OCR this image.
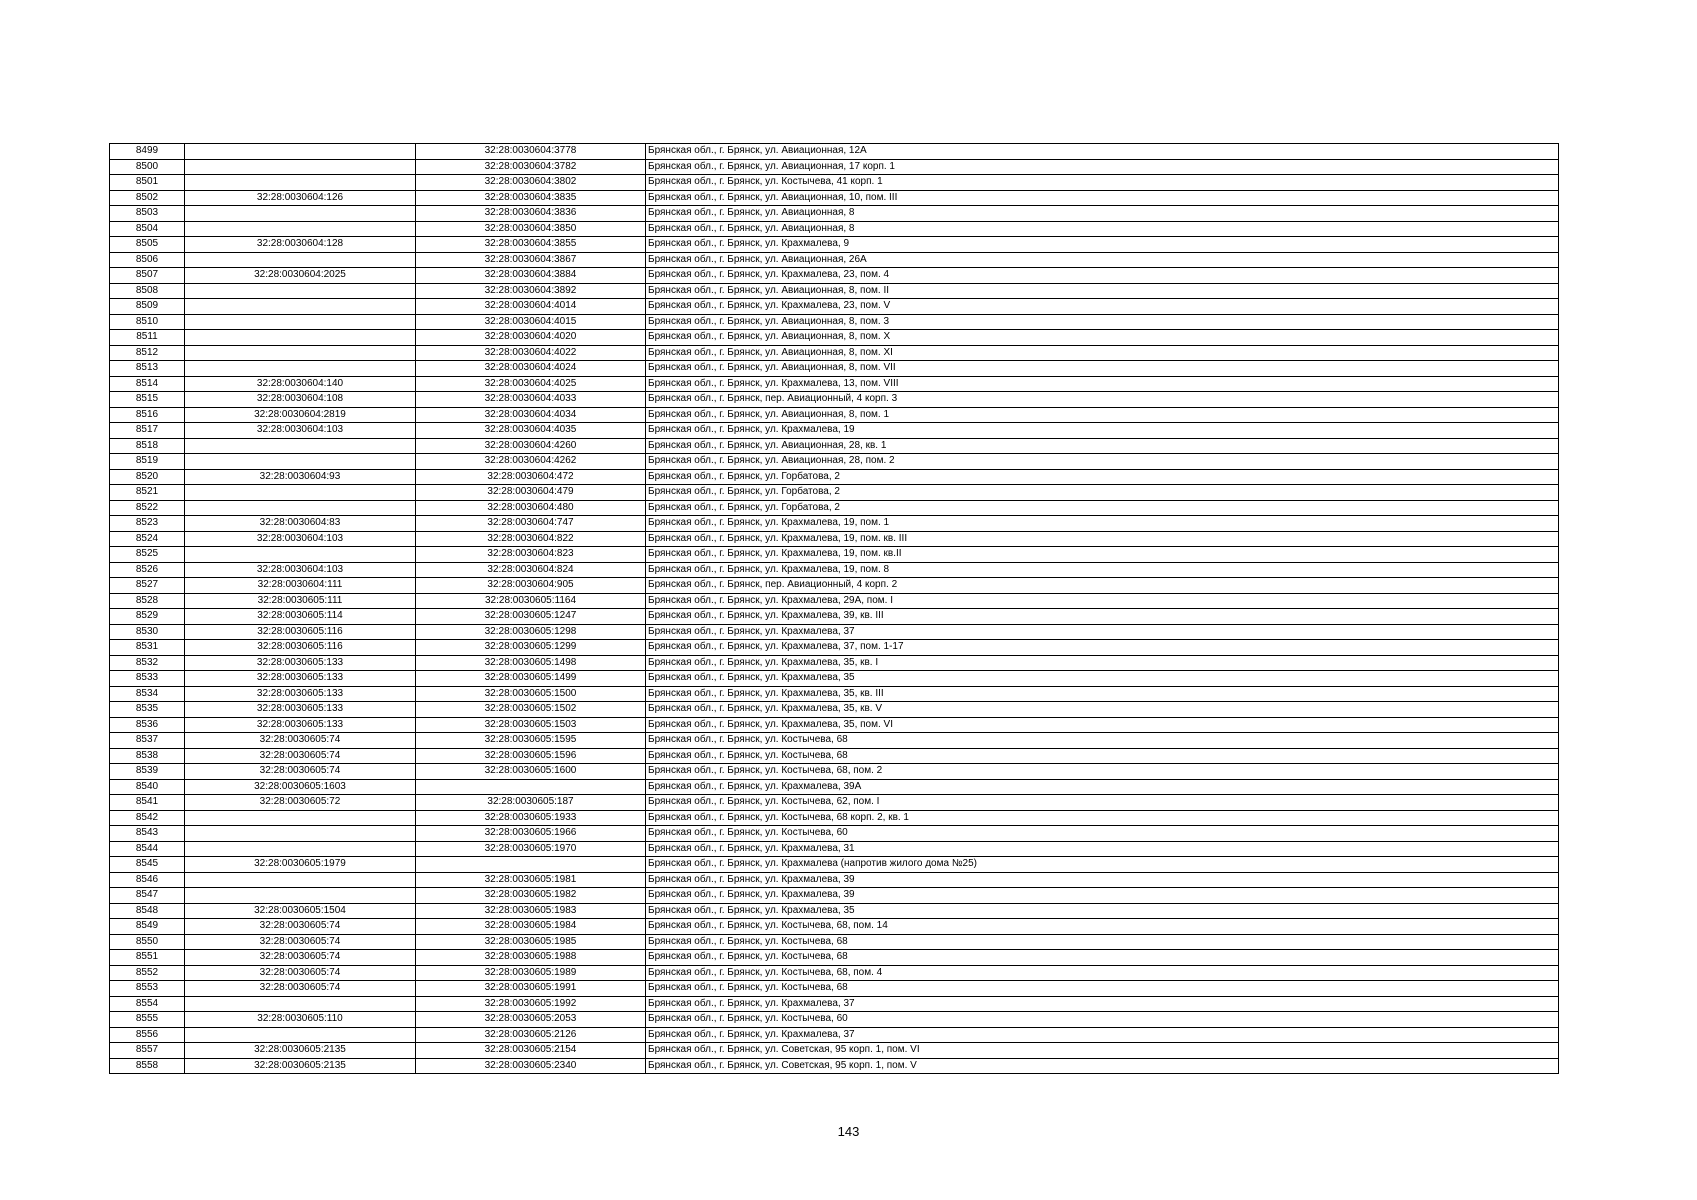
8499		32:28:0030604:3778	Брянская обл., г. Брянск, ул. Авиационная, 12А
8500		32:28:0030604:3782	Брянская обл., г. Брянск, ул. Авиационная, 17 корп. 1
8501		32:28:0030604:3802	Брянская обл., г. Брянск, ул. Костычева, 41 корп. 1
8502	32:28:0030604:126	32:28:0030604:3835	Брянская обл., г. Брянск, ул. Авиационная, 10, пом. III
8503		32:28:0030604:3836	Брянская обл., г. Брянск, ул. Авиационная, 8
8504		32:28:0030604:3850	Брянская обл., г. Брянск, ул. Авиационная, 8
8505	32:28:0030604:128	32:28:0030604:3855	Брянская обл., г. Брянск, ул. Крахмалева, 9
8506		32:28:0030604:3867	Брянская обл., г. Брянск, ул. Авиационная, 26А
8507	32:28:0030604:2025	32:28:0030604:3884	Брянская обл., г. Брянск, ул. Крахмалева, 23, пом. 4
8508		32:28:0030604:3892	Брянская обл., г. Брянск, ул. Авиационная, 8, пом. II
8509		32:28:0030604:4014	Брянская обл., г. Брянск, ул. Крахмалева, 23, пом. V
8510		32:28:0030604:4015	Брянская обл., г. Брянск, ул. Авиационная, 8, пом. 3
8511		32:28:0030604:4020	Брянская обл., г. Брянск, ул. Авиационная, 8, пом. X
8512		32:28:0030604:4022	Брянская обл., г. Брянск, ул. Авиационная, 8, пом. XI
8513		32:28:0030604:4024	Брянская обл., г. Брянск, ул. Авиационная, 8, пом. VII
8514	32:28:0030604:140	32:28:0030604:4025	Брянская обл., г. Брянск, ул. Крахмалева, 13, пом. VIII
8515	32:28:0030604:108	32:28:0030604:4033	Брянская обл., г. Брянск, пер. Авиационный, 4 корп. 3
8516	32:28:0030604:2819	32:28:0030604:4034	Брянская обл., г. Брянск, ул. Авиационная, 8, пом. 1
8517	32:28:0030604:103	32:28:0030604:4035	Брянская обл., г. Брянск, ул. Крахмалева, 19
8518		32:28:0030604:4260	Брянская обл., г. Брянск, ул. Авиационная, 28, кв. 1
8519		32:28:0030604:4262	Брянская обл., г. Брянск, ул. Авиационная, 28, пом. 2
8520	32:28:0030604:93	32:28:0030604:472	Брянская обл., г. Брянск, ул. Горбатова, 2
8521		32:28:0030604:479	Брянская обл., г. Брянск, ул. Горбатова, 2
8522		32:28:0030604:480	Брянская обл., г. Брянск, ул. Горбатова, 2
8523	32:28:0030604:83	32:28:0030604:747	Брянская обл., г. Брянск, ул. Крахмалева, 19, пом. 1
8524	32:28:0030604:103	32:28:0030604:822	Брянская обл., г. Брянск, ул. Крахмалева, 19, пом. кв. III
8525		32:28:0030604:823	Брянская обл., г. Брянск, ул. Крахмалева, 19, пом. кв.II
8526	32:28:0030604:103	32:28:0030604:824	Брянская обл., г. Брянск, ул. Крахмалева, 19, пом. 8
8527	32:28:0030604:111	32:28:0030604:905	Брянская обл., г. Брянск, пер. Авиационный, 4 корп. 2
8528	32:28:0030605:111	32:28:0030605:1164	Брянская обл., г. Брянск, ул. Крахмалева, 29А, пом. I
8529	32:28:0030605:114	32:28:0030605:1247	Брянская обл., г. Брянск, ул. Крахмалева, 39, кв. III
8530	32:28:0030605:116	32:28:0030605:1298	Брянская обл., г. Брянск, ул. Крахмалева, 37
8531	32:28:0030605:116	32:28:0030605:1299	Брянская обл., г. Брянск, ул. Крахмалева, 37, пом. 1-17
8532	32:28:0030605:133	32:28:0030605:1498	Брянская обл., г. Брянск, ул. Крахмалева, 35, кв. I
8533	32:28:0030605:133	32:28:0030605:1499	Брянская обл., г. Брянск, ул. Крахмалева, 35
8534	32:28:0030605:133	32:28:0030605:1500	Брянская обл., г. Брянск, ул. Крахмалева, 35, кв. III
8535	32:28:0030605:133	32:28:0030605:1502	Брянская обл., г. Брянск, ул. Крахмалева, 35, кв. V
8536	32:28:0030605:133	32:28:0030605:1503	Брянская обл., г. Брянск, ул. Крахмалева, 35, пом. VI
8537	32:28:0030605:74	32:28:0030605:1595	Брянская обл., г. Брянск, ул. Костычева, 68
8538	32:28:0030605:74	32:28:0030605:1596	Брянская обл., г. Брянск, ул. Костычева, 68
8539	32:28:0030605:74	32:28:0030605:1600	Брянская обл., г. Брянск, ул. Костычева, 68, пом. 2
8540	32:28:0030605:1603		Брянская обл., г. Брянск, ул. Крахмалева, 39А
8541	32:28:0030605:72	32:28:0030605:187	Брянская обл., г. Брянск, ул. Костычева, 62, пом. I
8542		32:28:0030605:1933	Брянская обл., г. Брянск, ул. Костычева, 68 корп. 2, кв. 1
8543		32:28:0030605:1966	Брянская обл., г. Брянск, ул. Костычева, 60
8544		32:28:0030605:1970	Брянская обл., г. Брянск, ул. Крахмалева, 31
8545	32:28:0030605:1979		Брянская обл., г. Брянск, ул. Крахмалева (напротив жилого дома №25)
8546		32:28:0030605:1981	Брянская обл., г. Брянск, ул. Крахмалева, 39
8547		32:28:0030605:1982	Брянская обл., г. Брянск, ул. Крахмалева, 39
8548	32:28:0030605:1504	32:28:0030605:1983	Брянская обл., г. Брянск, ул. Крахмалева, 35
8549	32:28:0030605:74	32:28:0030605:1984	Брянская обл., г. Брянск, ул. Костычева, 68, пом. 14
8550	32:28:0030605:74	32:28:0030605:1985	Брянская обл., г. Брянск, ул. Костычева, 68
8551	32:28:0030605:74	32:28:0030605:1988	Брянская обл., г. Брянск, ул. Костычева, 68
8552	32:28:0030605:74	32:28:0030605:1989	Брянская обл., г. Брянск, ул. Костычева, 68, пом. 4
8553	32:28:0030605:74	32:28:0030605:1991	Брянская обл., г. Брянск, ул. Костычева, 68
8554		32:28:0030605:1992	Брянская обл., г. Брянск, ул. Крахмалева, 37
8555	32:28:0030605:110	32:28:0030605:2053	Брянская обл., г. Брянск, ул. Костычева, 60
8556		32:28:0030605:2126	Брянская обл., г. Брянск, ул. Крахмалева, 37
8557	32:28:0030605:2135	32:28:0030605:2154	Брянская обл., г. Брянск, ул. Советская, 95 корп. 1, пом. VI
8558	32:28:0030605:2135	32:28:0030605:2340	Брянская обл., г. Брянск, ул. Советская, 95 корп. 1, пом. V
143
